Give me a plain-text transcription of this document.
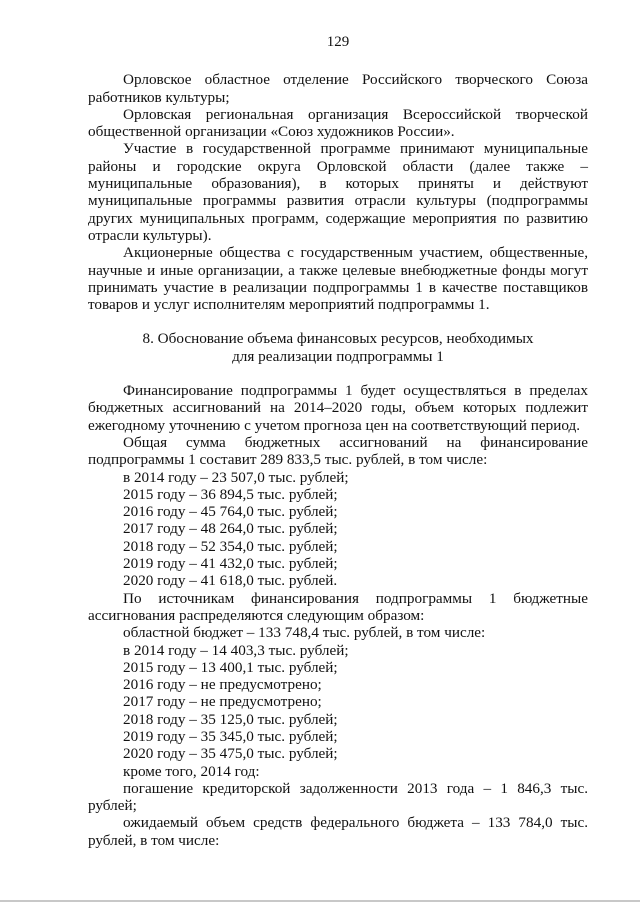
129

Орловское областное отделение Российского творческого Союза работников культуры;

Орловская региональная организация Всероссийской творческой общественной организации «Союз художников России».

Участие в государственной программе принимают муниципальные районы и городские округа Орловской области (далее также – муниципальные образования), в которых приняты и действуют муниципальные программы развития отрасли культуры (подпрограммы других муниципальных программ, содержащие мероприятия по развитию отрасли культуры).

Акционерные общества с государственным участием, общественные, научные и иные организации, а также целевые внебюджетные фонды могут принимать участие в реализации подпрограммы 1 в качестве поставщиков товаров и услуг исполнителям мероприятий подпрограммы 1.

8. Обоснование объема финансовых ресурсов, необходимых
для реализации подпрограммы 1

Финансирование подпрограммы 1 будет осуществляться в пределах бюджетных ассигнований на 2014–2020 годы, объем которых подлежит ежегодному уточнению с учетом прогноза цен на соответствующий период.

Общая сумма бюджетных ассигнований на финансирование подпрограммы 1 составит 289 833,5 тыс. рублей, в том числе:

в 2014 году – 23 507,0 тыс. рублей;

2015 году – 36 894,5 тыс. рублей;

2016 году – 45 764,0 тыс. рублей;

2017 году – 48 264,0 тыс. рублей;

2018 году – 52 354,0 тыс. рублей;

2019 году – 41 432,0 тыс. рублей;

2020 году – 41 618,0 тыс. рублей.

По источникам финансирования подпрограммы 1 бюджетные ассигнования распределяются следующим образом:

областной бюджет – 133 748,4 тыс. рублей, в том числе:

в 2014 году – 14 403,3 тыс. рублей;

2015 году – 13 400,1 тыс. рублей;

2016 году – не предусмотрено;

2017 году – не предусмотрено;

2018 году – 35 125,0 тыс. рублей;

2019 году – 35 345,0 тыс. рублей;

2020 году – 35 475,0 тыс. рублей;

кроме того, 2014 год:

погашение кредиторской задолженности 2013 года – 1 846,3 тыс. рублей;

ожидаемый объем средств федерального бюджета – 133 784,0 тыс. рублей, в том числе:
